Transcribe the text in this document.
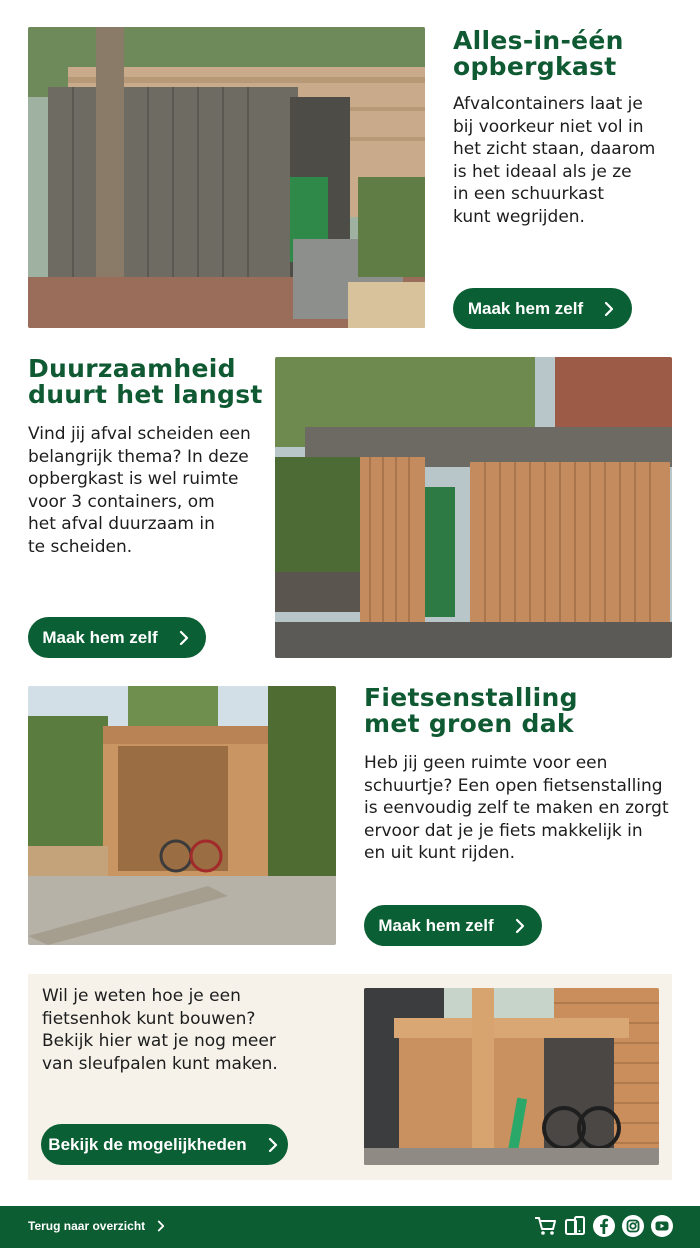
Alles-in-één
opbergkast
Afvalcontainers laat je
bij voorkeur niet vol in
het zicht staan, daarom
is het ideaal als je ze
in een schuurkast
kunt wegrijden.
Maak hem zelf
Duurzaamheid
duurt het langst
Vind jij afval scheiden een
belangrijk thema? In deze
opbergkast is wel ruimte
voor 3 containers, om
het afval duurzaam in
te scheiden.
Maak hem zelf
Fietsenstalling
met groen dak
Heb jij geen ruimte voor een
schuurtje? Een open fietsenstalling
is eenvoudig zelf te maken en zorgt
ervoor dat je je fiets makkelijk in
en uit kunt rijden.
Maak hem zelf
Wil je weten hoe je een
fietsenhok kunt bouwen?
Bekijk hier wat je nog meer
van sleufpalen kunt maken.
Bekijk de mogelijkheden
Terug naar overzicht
